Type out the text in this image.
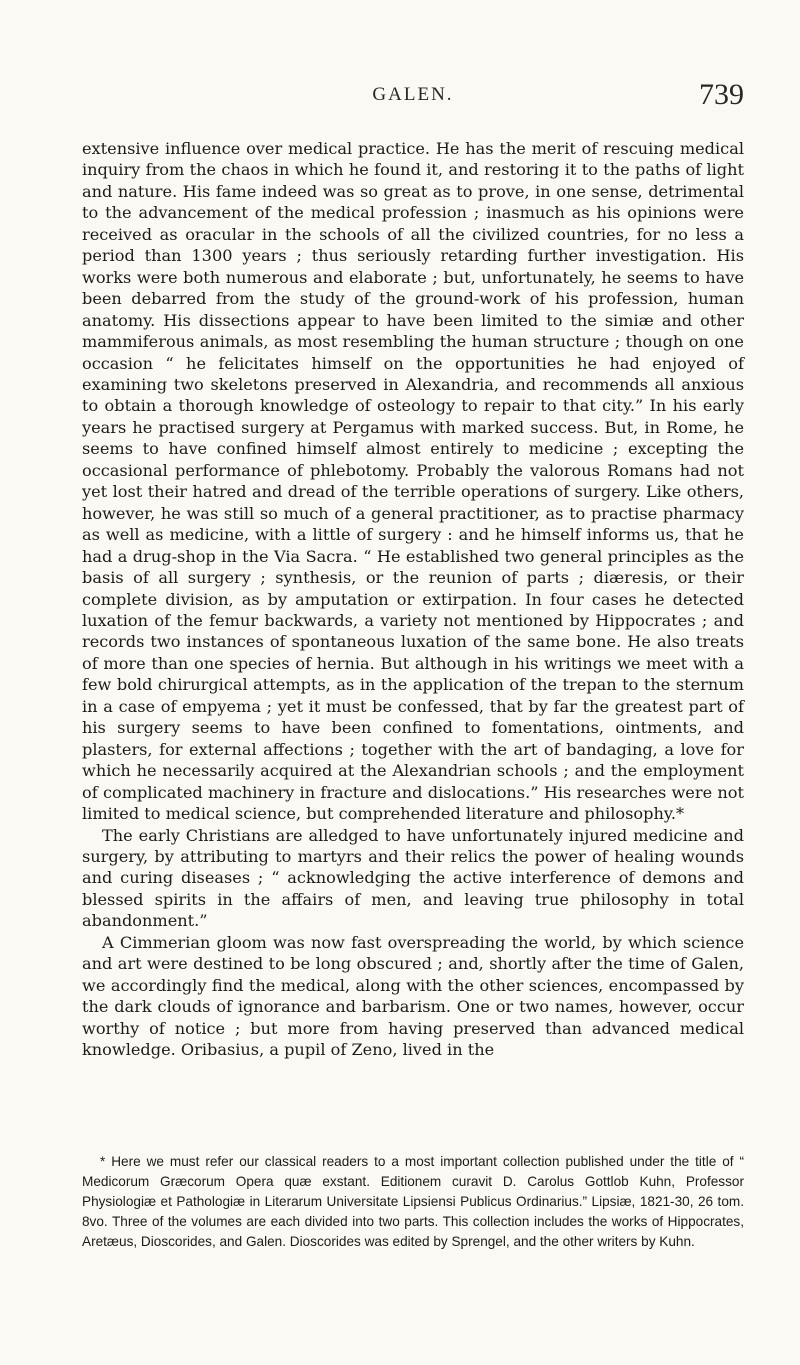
GALEN.	739

extensive influence over medical practice. He has the merit of rescuing medical inquiry from the chaos in which he found it, and restoring it to the paths of light and nature. His fame indeed was so great as to prove, in one sense, detrimental to the advancement of the medical profession ; inasmuch as his opinions were received as oracular in the schools of all the civilized countries, for no less a period than 1300 years ; thus seriously retarding further investigation. His works were both numerous and elaborate ; but, unfortunately, he seems to have been debarred from the study of the ground-work of his profession, human anatomy. His dissections appear to have been limited to the simiæ and other mammiferous animals, as most resembling the human structure ; though on one occasion “ he felicitates himself on the opportunities he had enjoyed of examining two skeletons preserved in Alexandria, and recommends all anxious to obtain a thorough knowledge of osteology to repair to that city.” In his early years he practised surgery at Pergamus with marked success. But, in Rome, he seems to have confined himself almost entirely to medicine ; excepting the occasional performance of phlebotomy. Probably the valorous Romans had not yet lost their hatred and dread of the terrible operations of surgery. Like others, however, he was still so much of a general practitioner, as to practise pharmacy as well as medicine, with a little of surgery : and he himself informs us, that he had a drug-shop in the Via Sacra. “ He established two general principles as the basis of all surgery ; synthesis, or the reunion of parts ; diæresis, or their complete division, as by amputation or extirpation. In four cases he detected luxation of the femur backwards, a variety not mentioned by Hippocrates ; and records two instances of spontaneous luxation of the same bone. He also treats of more than one species of hernia. But although in his writings we meet with a few bold chirurgical attempts, as in the application of the trepan to the sternum in a case of empyema ; yet it must be confessed, that by far the greatest part of his surgery seems to have been confined to fomentations, ointments, and plasters, for external affections ; together with the art of bandaging, a love for which he necessarily acquired at the Alexandrian schools ; and the employment of complicated machinery in fracture and dislocations.” His researches were not limited to medical science, but comprehended literature and philosophy.*

The early Christians are alledged to have unfortunately injured medicine and surgery, by attributing to martyrs and their relics the power of healing wounds and curing diseases ; “ acknowledging the active interference of demons and blessed spirits in the affairs of men, and leaving true philosophy in total abandonment.”

A Cimmerian gloom was now fast overspreading the world, by which science and art were destined to be long obscured ; and, shortly after the time of Galen, we accordingly find the medical, along with the other sciences, encompassed by the dark clouds of ignorance and barbarism. One or two names, however, occur worthy of notice ; but more from having preserved than advanced medical knowledge. Oribasius, a pupil of Zeno, lived in the

* Here we must refer our classical readers to a most important collection published under the title of “ Medicorum Græcorum Opera quæ exstant. Editionem curavit D. Carolus Gottlob Kuhn, Professor Physiologiæ et Pathologiæ in Literarum Universitate Lipsiensi Publicus Ordinarius.” Lipsiæ, 1821-30, 26 tom. 8vo. Three of the volumes are each divided into two parts. This collection includes the works of Hippocrates, Aretæus, Dioscorides, and Galen. Dioscorides was edited by Sprengel, and the other writers by Kuhn.
